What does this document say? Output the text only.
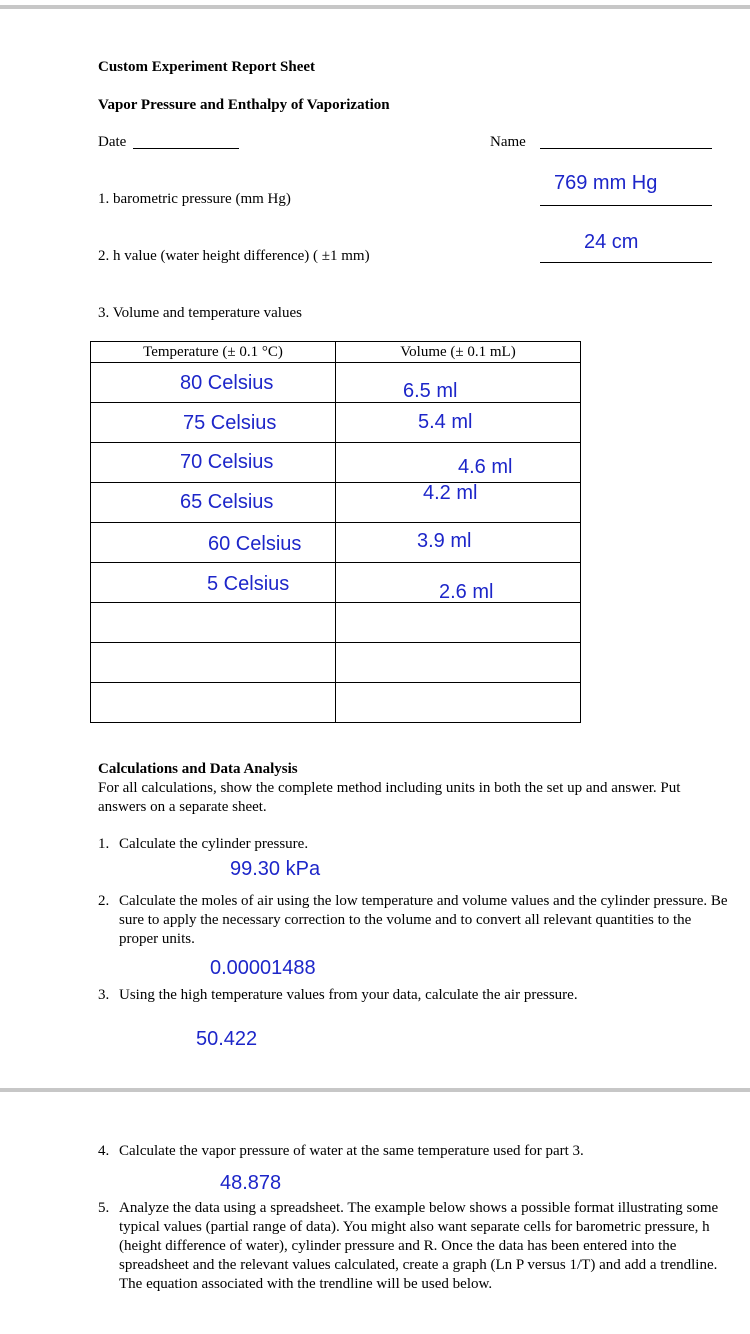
Custom Experiment Report Sheet
Vapor Pressure and Enthalpy of Vaporization
Date	Name
1. barometric pressure (mm Hg)
769 mm Hg
2. h value (water height difference) ( ±1 mm)
24 cm
3. Volume and temperature values
Temperature (± 0.1 °C)	Volume (± 0.1 mL)

80 Celsius	6.5 ml

75 Celsius	5.4 ml

70 Celsius	4.6 ml

65 Celsius	4.2 ml

60 Celsius	3.9 ml

5 Celsius	2.6 ml

Calculations and Data Analysis
For all calculations, show the complete method including units in both the set up and answer. Put answers on a separate sheet.
1. Calculate the cylinder pressure.
99.30 kPa
2. Calculate the moles of air using the low temperature and volume values and the cylinder pressure. Be sure to apply the necessary correction to the volume and to convert all relevant quantities to the proper units.
0.00001488
3. Using the high temperature values from your data, calculate the air pressure.
50.422
4. Calculate the vapor pressure of water at the same temperature used for part 3.
48.878
5. Analyze the data using a spreadsheet. The example below shows a possible format illustrating some typical values (partial range of data). You might also want separate cells for barometric pressure, h (height difference of water), cylinder pressure and R. Once the data has been entered into the spreadsheet and the relevant values calculated, create a graph (Ln P versus 1/T) and add a trendline. The equation associated with the trendline will be used below.
